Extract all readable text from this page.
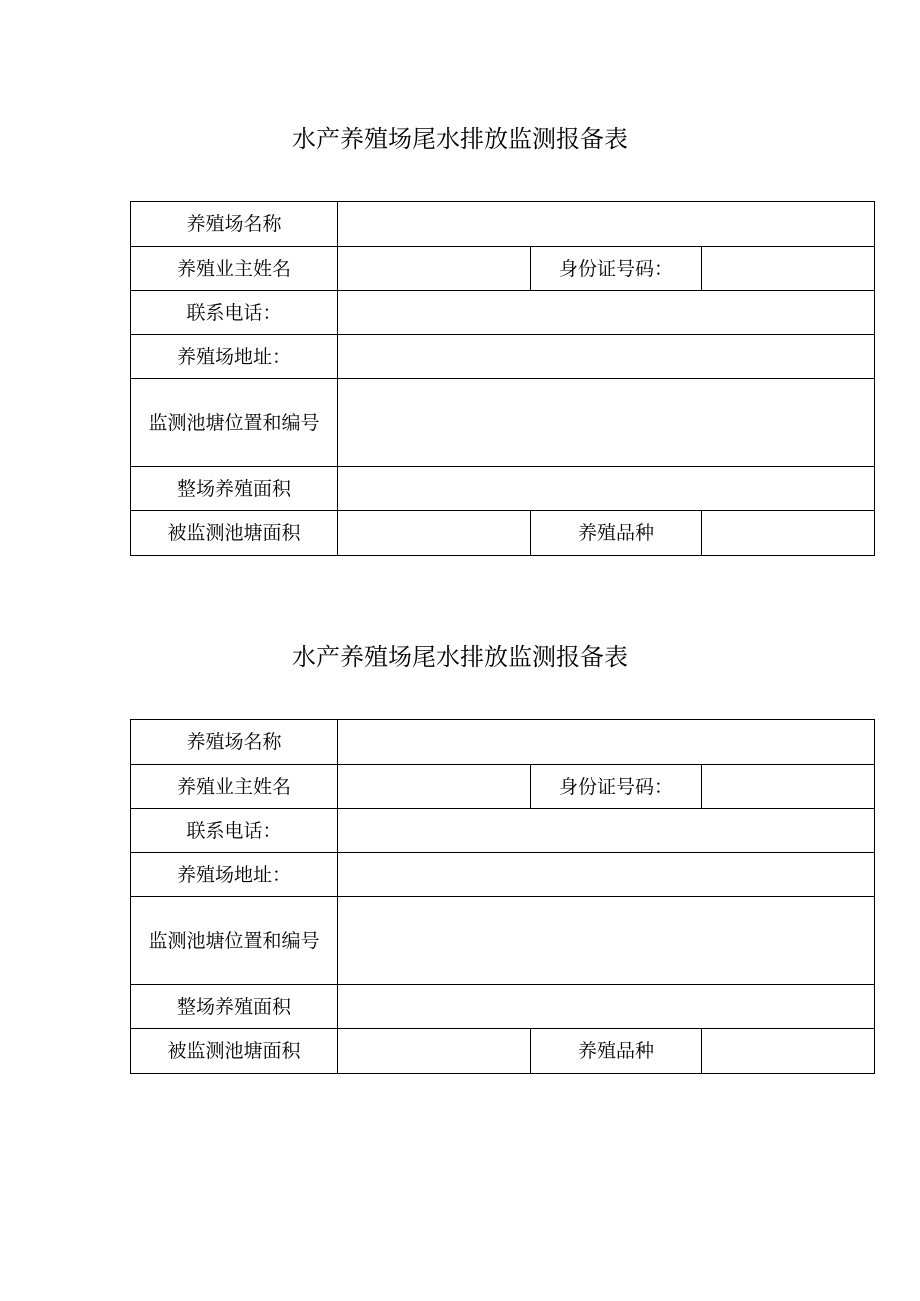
水产养殖场尾水排放监测报备表
养殖场名称			
养殖业主姓名		身份证号码：	
联系电话：			
养殖场地址：			
监测池塘位置和编号			
整场养殖面积			
被监测池塘面积		养殖品种	
水产养殖场尾水排放监测报备表
养殖场名称			
养殖业主姓名		身份证号码：	
联系电话：			
养殖场地址：			
监测池塘位置和编号			
整场养殖面积			
被监测池塘面积		养殖品种	
